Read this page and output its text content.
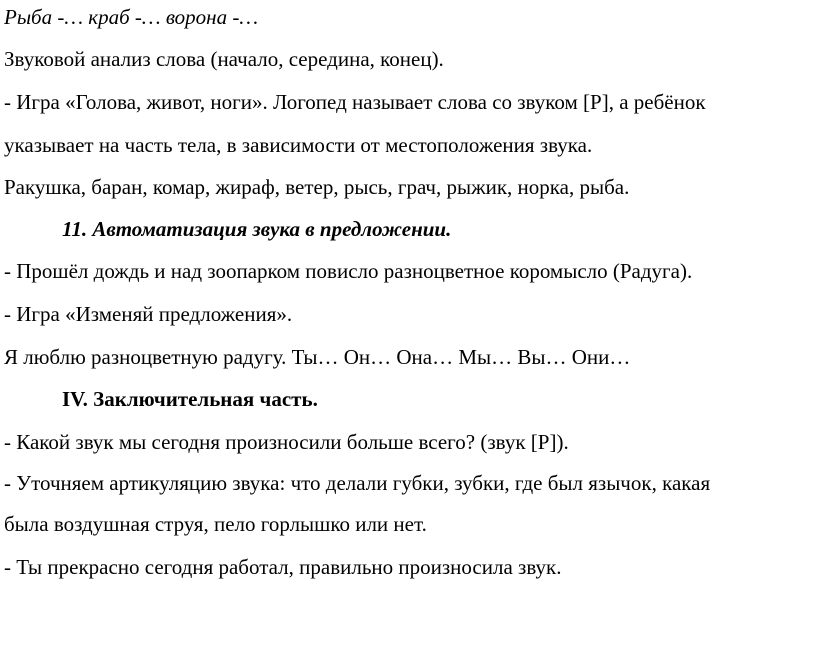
Рыба -… краб -… ворона -…
Звуковой анализ слова (начало, середина, конец).
- Игра «Голова, живот, ноги». Логопед называет слова со звуком [Р], а ребёнок
указывает на часть тела, в зависимости от местоположения звука.
Ракушка, баран, комар, жираф, ветер, рысь, грач, рыжик, норка, рыба.
11. Автоматизация звука в предложении.
- Прошёл дождь и над зоопарком повисло разноцветное коромысло (Радуга).
- Игра «Изменяй предложения».
Я люблю разноцветную радугу. Ты… Он… Она… Мы… Вы… Они…
IV. Заключительная часть.
- Какой звук мы сегодня произносили больше всего? (звук [Р]).
- Уточняем артикуляцию звука: что делали губки, зубки, где был язычок, какая
была воздушная струя, пело горлышко или нет.
- Ты прекрасно сегодня работал, правильно произносила звук.
